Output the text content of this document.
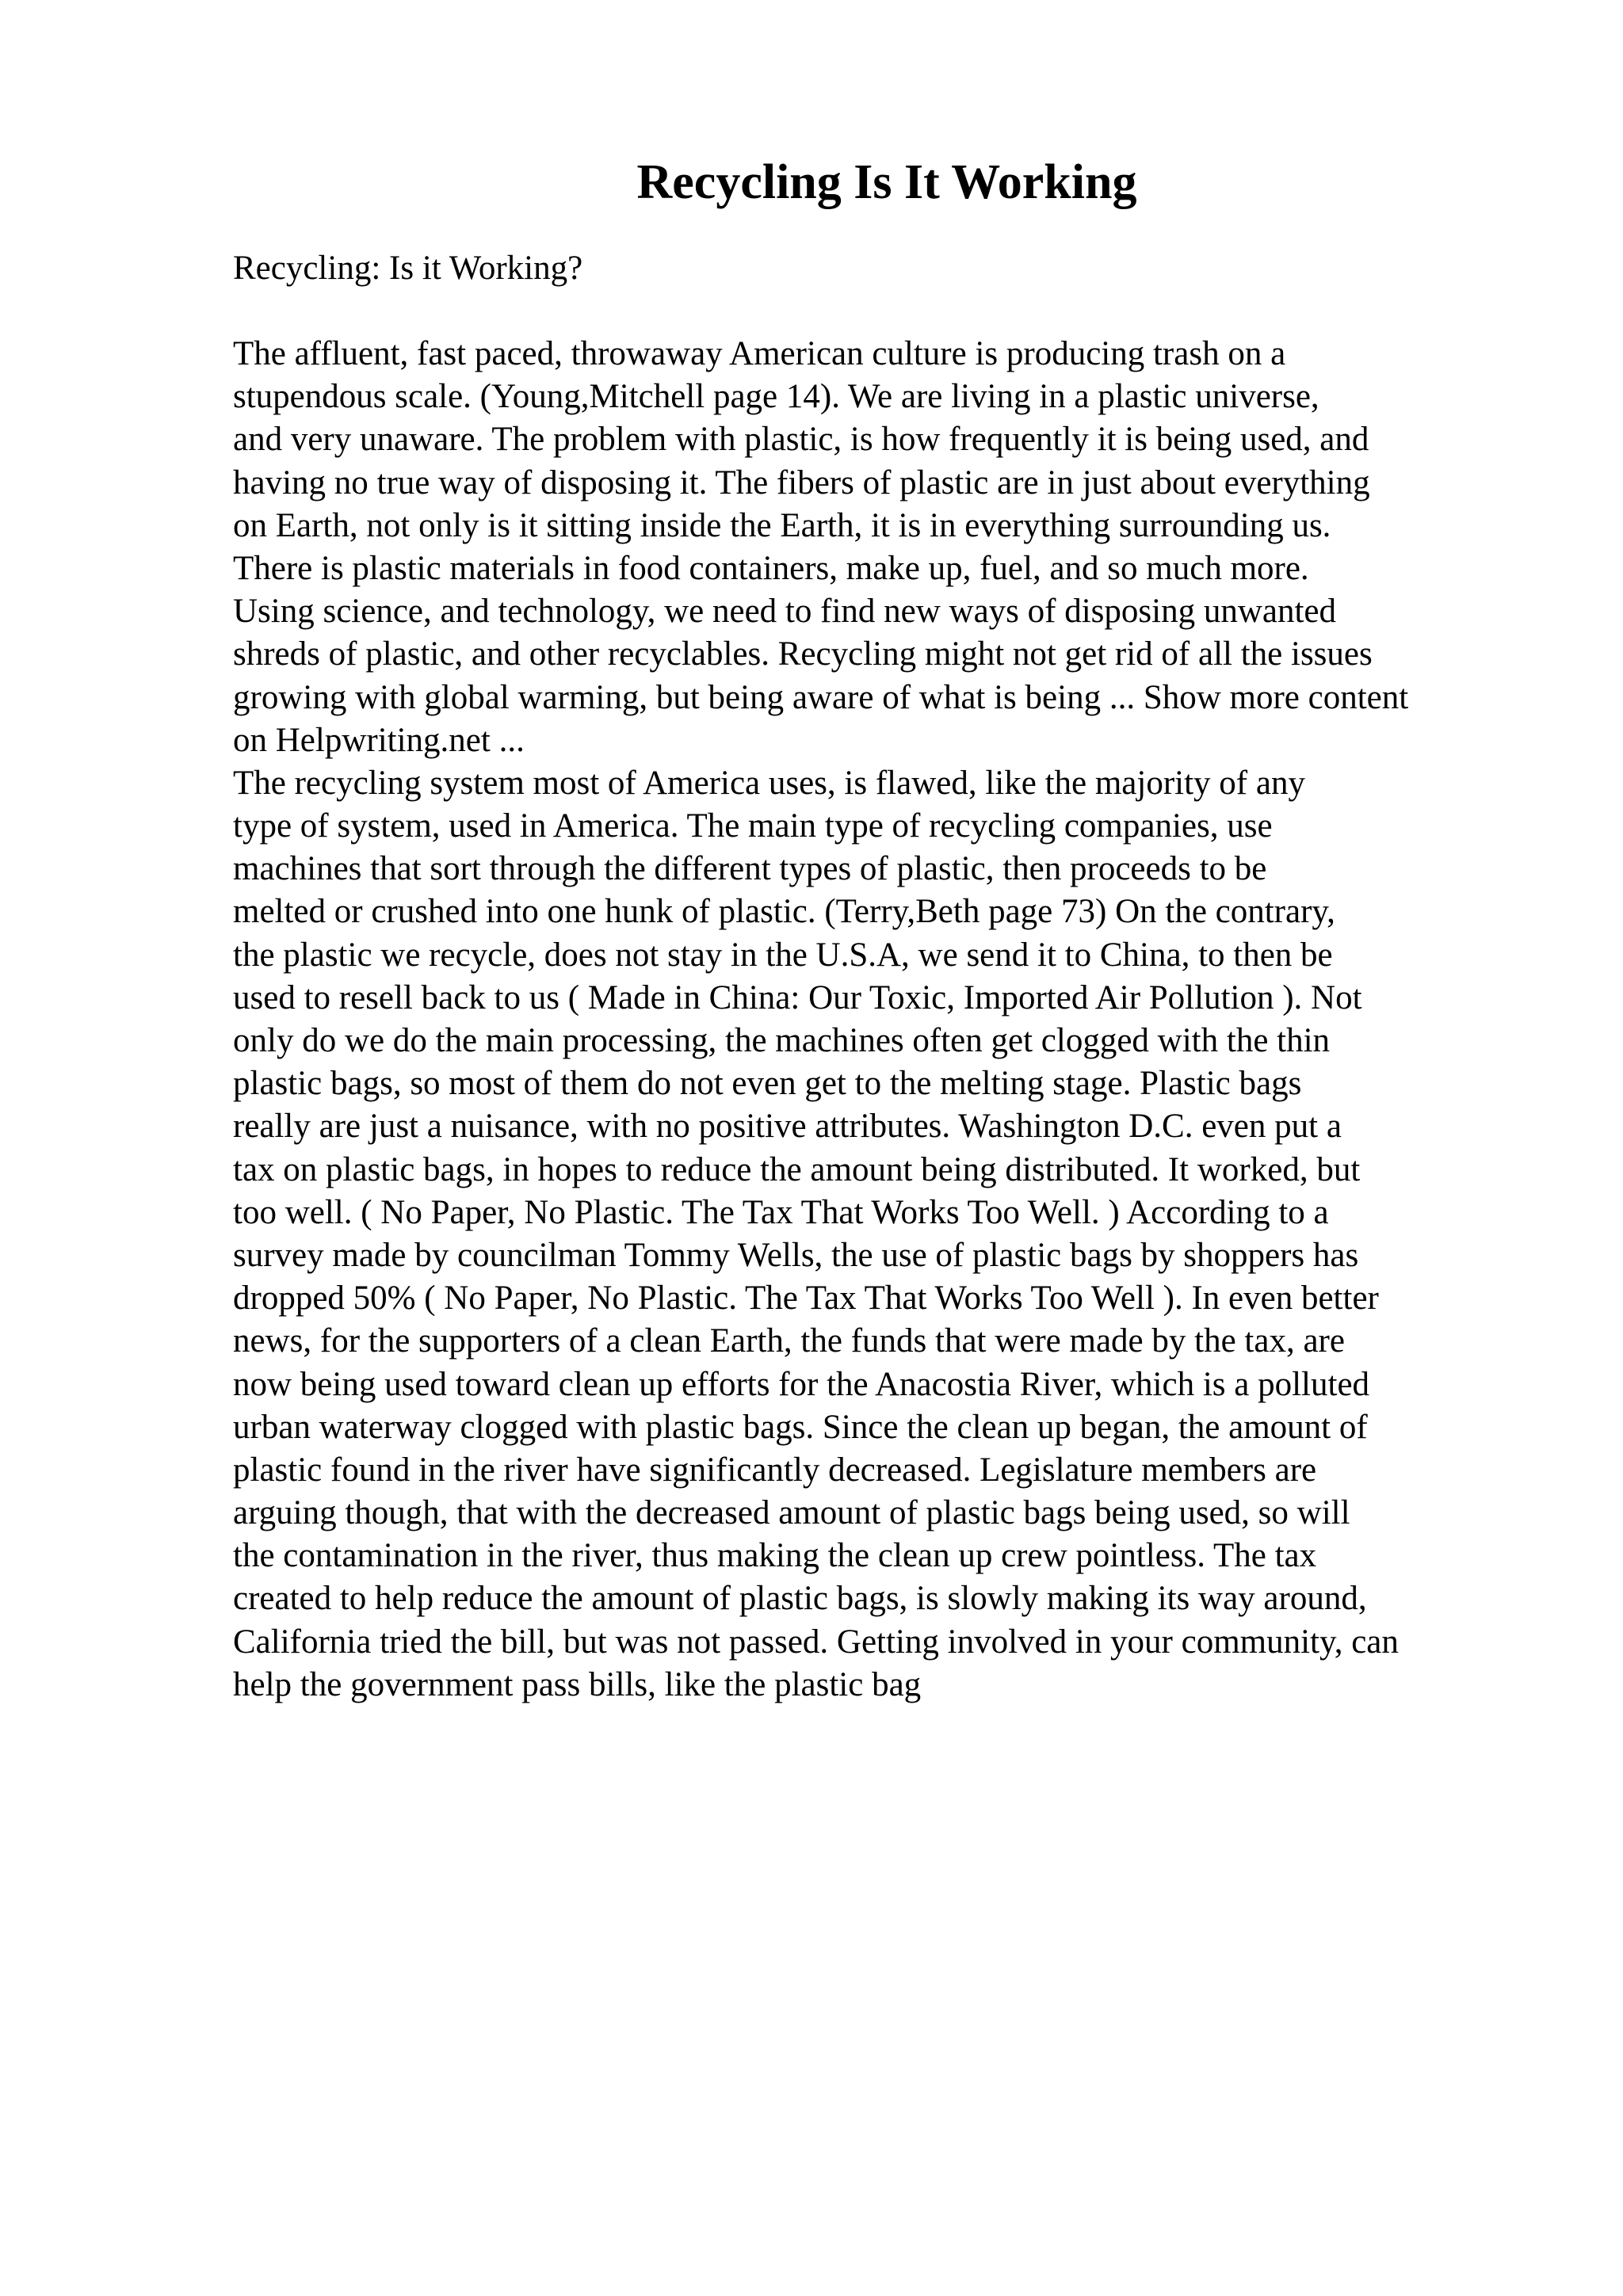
Recycling Is It Working
Recycling: Is it Working?
The affluent, fast paced, throwaway American culture is producing trash on a
stupendous scale. (Young,Mitchell page 14). We are living in a plastic universe,
and very unaware. The problem with plastic, is how frequently it is being used, and
having no true way of disposing it. The fibers of plastic are in just about everything
on Earth, not only is it sitting inside the Earth, it is in everything surrounding us.
There is plastic materials in food containers, make up, fuel, and so much more.
Using science, and technology, we need to find new ways of disposing unwanted
shreds of plastic, and other recyclables. Recycling might not get rid of all the issues
growing with global warming, but being aware of what is being ... Show more content
on Helpwriting.net ...
The recycling system most of America uses, is flawed, like the majority of any
type of system, used in America. The main type of recycling companies, use
machines that sort through the different types of plastic, then proceeds to be
melted or crushed into one hunk of plastic. (Terry,Beth page 73) On the contrary,
the plastic we recycle, does not stay in the U.S.A, we send it to China, to then be
used to resell back to us ( Made in China: Our Toxic, Imported Air Pollution ). Not
only do we do the main processing, the machines often get clogged with the thin
plastic bags, so most of them do not even get to the melting stage. Plastic bags
really are just a nuisance, with no positive attributes. Washington D.C. even put a
tax on plastic bags, in hopes to reduce the amount being distributed. It worked, but
too well. ( No Paper, No Plastic. The Tax That Works Too Well. ) According to a
survey made by councilman Tommy Wells, the use of plastic bags by shoppers has
dropped 50% ( No Paper, No Plastic. The Tax That Works Too Well ). In even better
news, for the supporters of a clean Earth, the funds that were made by the tax, are
now being used toward clean up efforts for the Anacostia River, which is a polluted
urban waterway clogged with plastic bags. Since the clean up began, the amount of
plastic found in the river have significantly decreased. Legislature members are
arguing though, that with the decreased amount of plastic bags being used, so will
the contamination in the river, thus making the clean up crew pointless. The tax
created to help reduce the amount of plastic bags, is slowly making its way around,
California tried the bill, but was not passed. Getting involved in your community, can
help the government pass bills, like the plastic bag
